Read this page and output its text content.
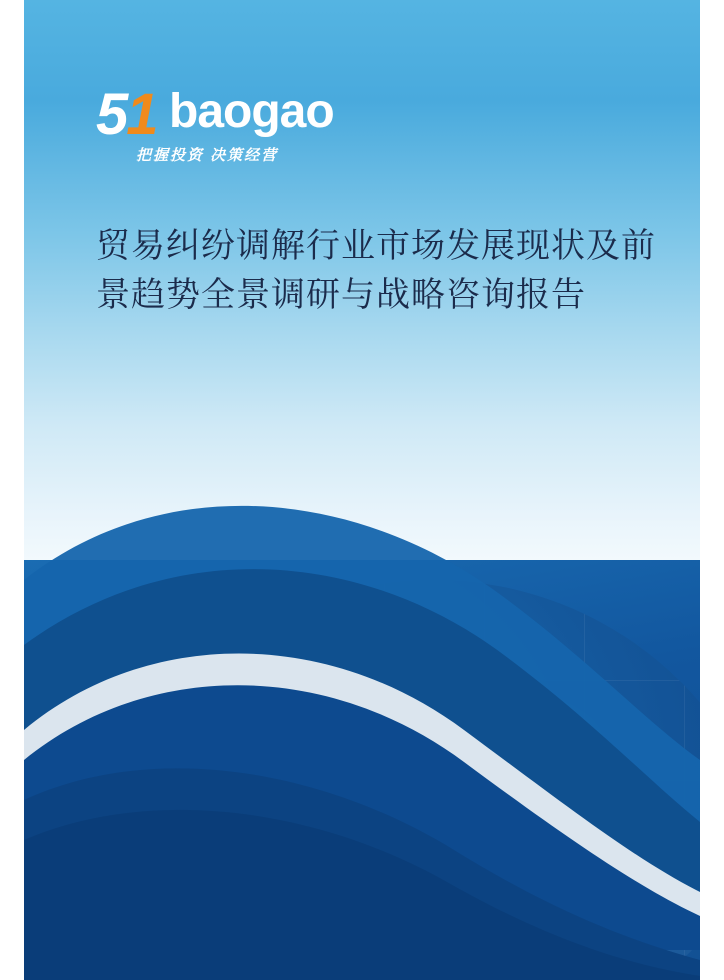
51 baogao
把握投资 决策经营
贸易纠纷调解行业市场发展现状及前
景趋势全景调研与战略咨询报告
